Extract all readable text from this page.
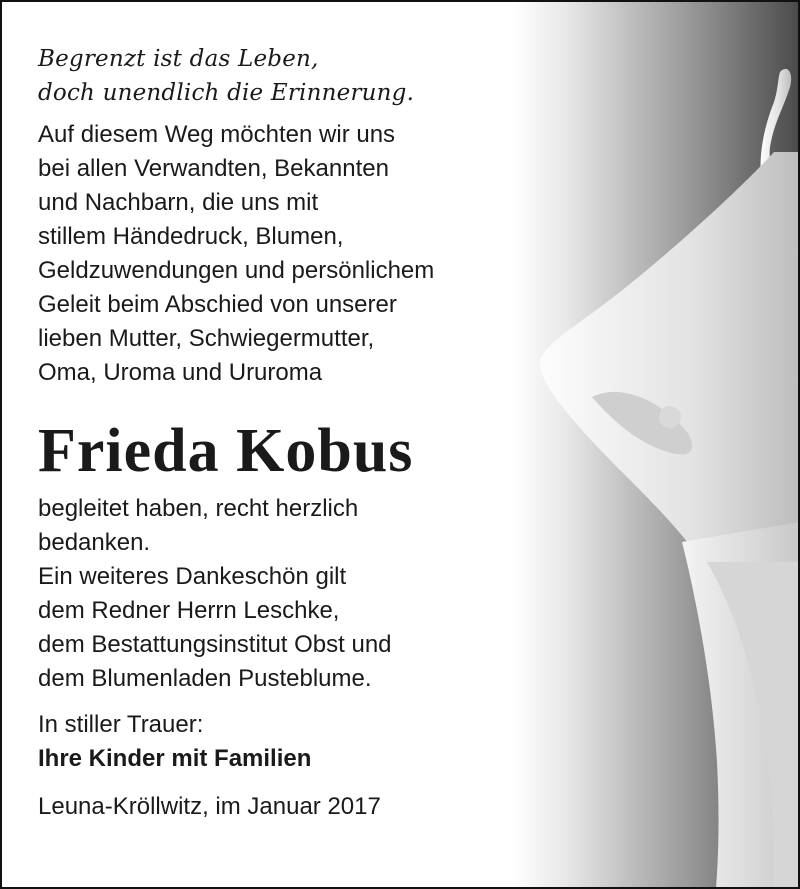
Begrenzt ist das Leben,
doch unendlich die Erinnerung.

Auf diesem Weg möchten wir uns
bei allen Verwandten, Bekannten
und Nachbarn, die uns mit
stillem Händedruck, Blumen,
Geldzuwendungen und persönlichem
Geleit beim Abschied von unserer
lieben Mutter, Schwiegermutter,
Oma, Uroma und Ururoma

Frieda Kobus

begleitet haben, recht herzlich
bedanken.
Ein weiteres Dankeschön gilt
dem Redner Herrn Leschke,
dem Bestattungsinstitut Obst und
dem Blumenladen Pusteblume.

In stiller Trauer:
Ihre Kinder mit Familien

Leuna-Kröllwitz, im Januar 2017
